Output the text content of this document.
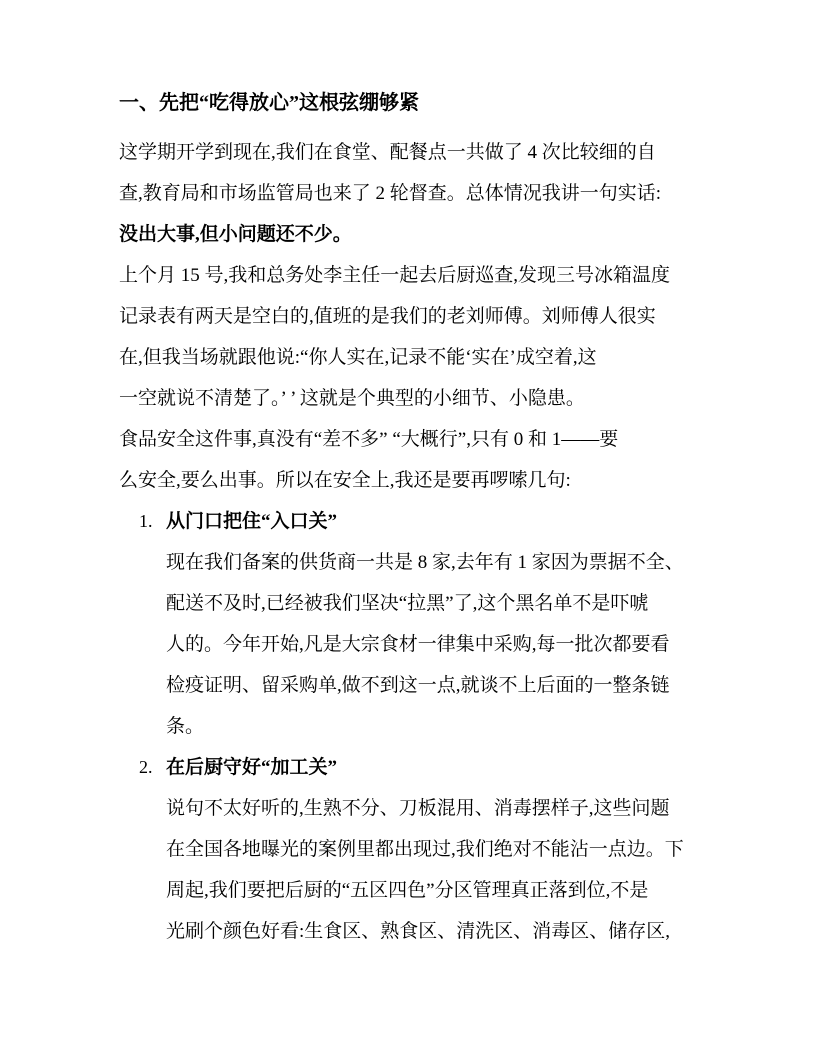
一、先把“吃得放心”这根弦绷够紧

这学期开学到现在,我们在食堂、配餐点一共做了 4 次比较细的自
查,教育局和市场监管局也来了 2 轮督查。总体情况我讲一句实话:
没出大事,但小问题还不少。

上个月 15 号,我和总务处李主任一起去后厨巡查,发现三号冰箱温度
记录表有两天是空白的,值班的是我们的老刘师傅。刘师傅人很实
在,但我当场就跟他说:“你人实在,记录不能‘实在’成空着,这
一空就说不清楚了。’ ’ 这就是个典型的小细节、小隐患。

食品安全这件事,真没有“差不多” “大概行”,只有 0 和 1——要
么安全,要么出事。所以在安全上,我还是要再啰嗦几句:

1. 从门口把住“入口关”

现在我们备案的供货商一共是 8 家,去年有 1 家因为票据不全、
配送不及时,已经被我们坚决“拉黑”了,这个黑名单不是吓唬
人的。今年开始,凡是大宗食材一律集中采购,每一批次都要看
检疫证明、留采购单,做不到这一点,就谈不上后面的一整条链
条。

2. 在后厨守好“加工关”

说句不太好听的,生熟不分、刀板混用、消毒摆样子,这些问题
在全国各地曝光的案例里都出现过,我们绝对不能沾一点边。下
周起,我们要把后厨的“五区四色”分区管理真正落到位,不是
光刷个颜色好看:生食区、熟食区、清洗区、消毒区、储存区,
